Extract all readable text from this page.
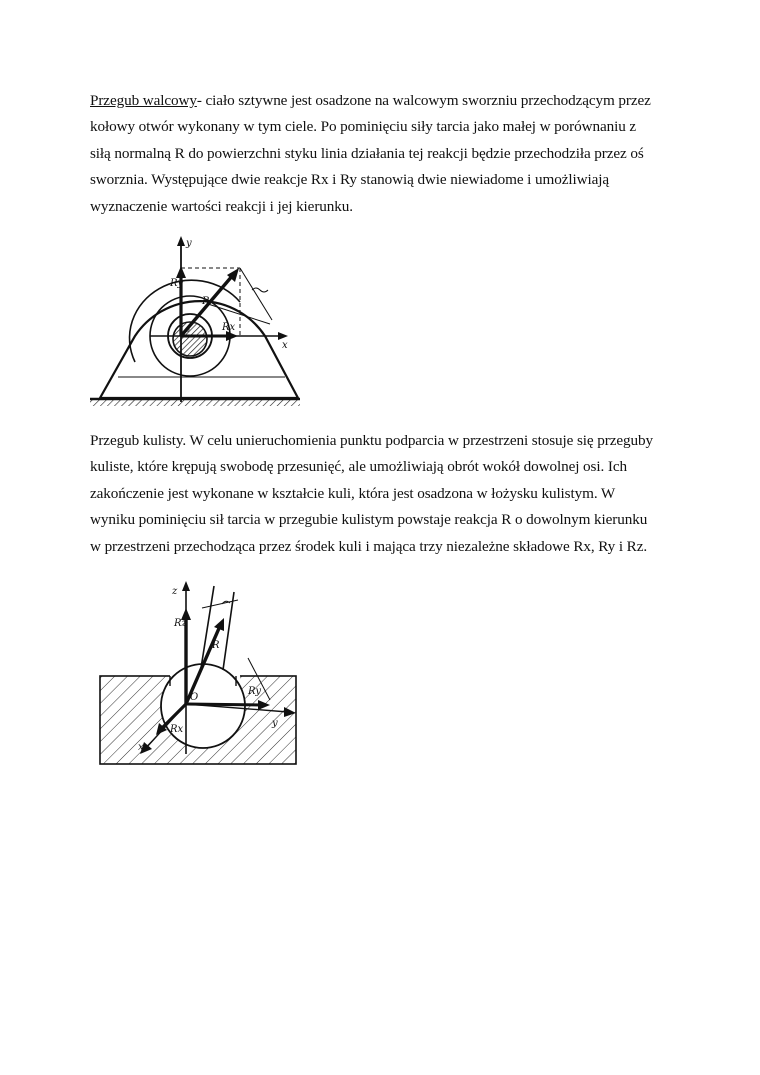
Przegub walcowy- ciało sztywne jest osadzone na walcowym sworzniu przechodzącym przez
kołowy otwór wykonany w tym ciele. Po pominięciu siły tarcia jako małej w porównaniu z
siłą normalną R do powierzchni styku linia działania tej reakcji będzie przechodziła przez oś
sworznia. Występujące dwie reakcje Rx i Ry stanowią dwie niewiadome i umożliwiają
wyznaczenie wartości reakcji i jej kierunku.

y
x
Ry
R
Rx
0

Przegub kulisty. W celu unieruchomienia punktu podparcia w przestrzeni stosuje się przeguby
kuliste, które krępują swobodę przesunięć, ale umożliwiają obrót wokół dowolnej osi. Ich
zakończenie jest wykonane w kształcie kuli, która jest osadzona w łożysku kulistym. W
wyniku pominięciu sił tarcia w przegubie kulistym powstaje reakcja R o dowolnym kierunku
w przestrzeni przechodząca przez środek kuli i mająca trzy niezależne składowe Rx, Ry i Rz.

z
Rz
R
Ry
y
O
Rx
x
